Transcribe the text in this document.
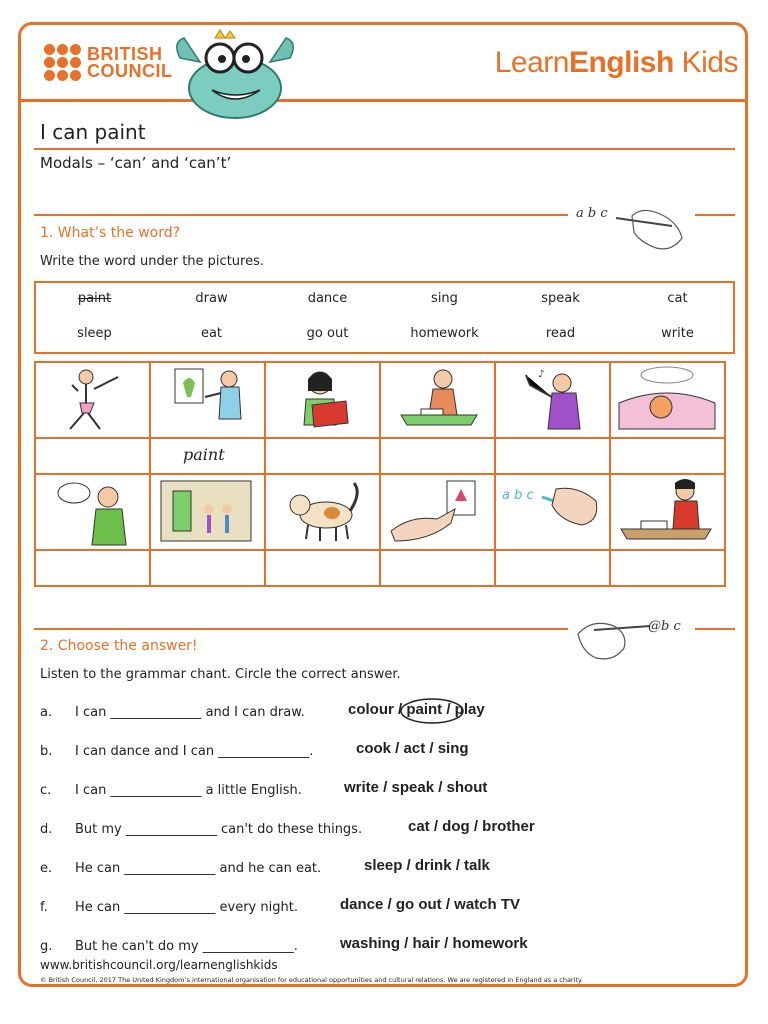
BRITISH
COUNCIL	LearnEnglish Kids
I can paint
Modals – ‘can’ and ‘can’t’
a b c
1. What’s the word?
Write the word under the pictures.
paint	draw	dance	sing	speak	cat
sleep	eat	go out	homework	read	write

♪

	paint				

a b c

@b c
2. Choose the answer!
Listen to the grammar chant. Circle the correct answer.
a. I can ______________ and I can draw.	colour / paint / play
b. I can dance and I can ______________.	cook / act / sing
c. I can ______________ a little English.	write / speak / shout
d. But my ______________ can't do these things.	cat / dog / brother
e. He can ______________ and he can eat.	sleep / drink / talk
f. He can ______________ every night.	dance / go out / watch TV
g. But he can't do my ______________.	washing / hair / homework
www.britishcouncil.org/learnenglishkids
© British Council, 2017 The United Kingdom’s international organisation for educational opportunities and cultural relations. We are registered in England as a charity.
